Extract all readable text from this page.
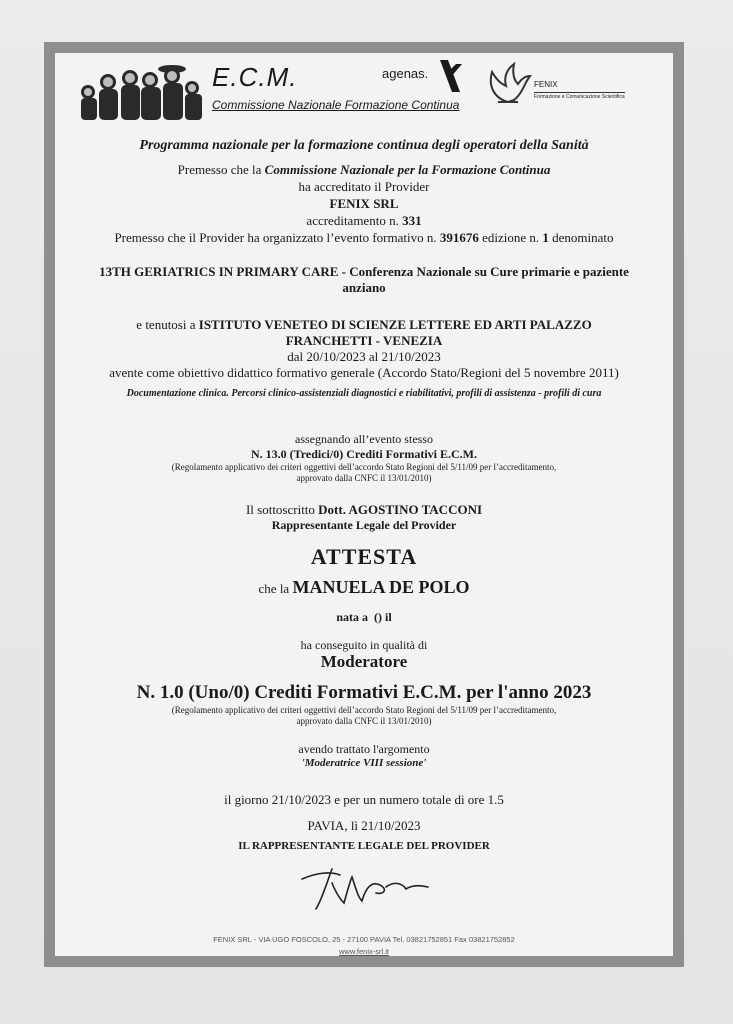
E.C.M.
Commissione Nazionale Formazione Continua
agenas.
FENIX
Formazione e Comunicazione Scientifica
Programma nazionale per la formazione continua degli operatori della Sanità
Premesso che la Commissione Nazionale per la Formazione Continua
ha accreditato il Provider
FENIX SRL
accreditamento n. 331
Premesso che il Provider ha organizzato l’evento formativo n. 391676 edizione n. 1 denominato
13TH GERIATRICS IN PRIMARY CARE - Conferenza Nazionale su Cure primarie e paziente
anziano
e tenutosi a ISTITUTO VENETEO DI SCIENZE LETTERE ED ARTI PALAZZO
FRANCHETTI - VENEZIA
dal 20/10/2023 al 21/10/2023
avente come obiettivo didattico formativo generale (Accordo Stato/Regioni del 5 novembre 2011)
Documentazione clinica. Percorsi clinico-assistenziali diagnostici e riabilitativi, profili di assistenza - profili di cura
assegnando all’evento stesso
N. 13.0 (Tredici/0) Crediti Formativi E.C.M.
(Regolamento applicativo dei criteri oggettivi dell’accordo Stato Regioni del 5/11/09 per l’accreditamento,
approvato dalla CNFC il 13/01/2010)
Il sottoscritto Dott. AGOSTINO TACCONI
Rappresentante Legale del Provider
ATTESTA
che la MANUELA DE POLO
nata a  () il
ha conseguito in qualità di
Moderatore
N. 1.0 (Uno/0) Crediti Formativi E.C.M. per l'anno 2023
(Regolamento applicativo dei criteri oggettivi dell’accordo Stato Regioni del 5/11/09 per l’accreditamento,
approvato dalla CNFC il 13/01/2010)
avendo trattato l'argomento
'Moderatrice VIII sessione'
il giorno 21/10/2023 e per un numero totale di ore 1.5
PAVIA, lì 21/10/2023
IL RAPPRESENTANTE LEGALE DEL PROVIDER
FENIX SRL - VIA UGO FOSCOLO, 25 - 27100 PAVIA Tel. 03821752851 Fax 03821752852
www.fenix-srl.it
